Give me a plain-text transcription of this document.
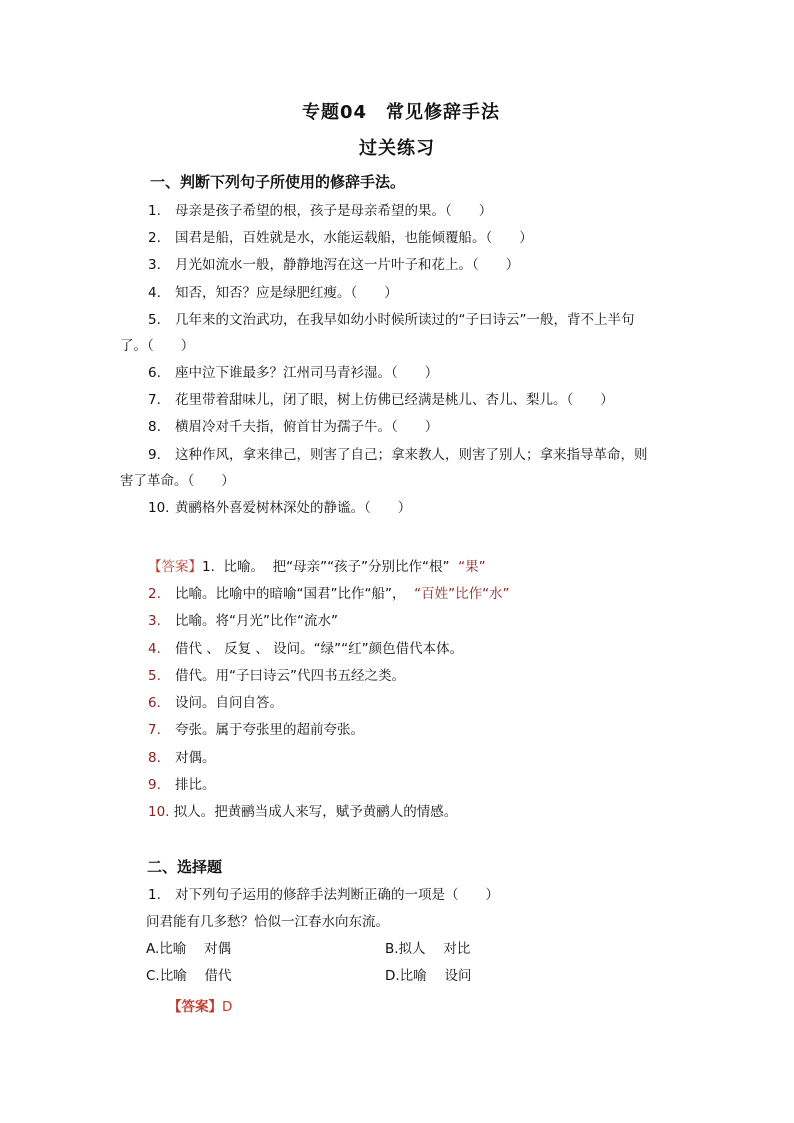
专题04　常见修辞手法
过关练习
一、判断下列句子所使用的修辞手法。
1. 母亲是孩子希望的根，孩子是母亲希望的果。（　　）
2. 国君是船，百姓就是水，水能运载船，也能倾覆船。（　　）
3. 月光如流水一般，静静地泻在这一片叶子和花上。（　　）
4. 知否，知否？应是绿肥红瘦。（　　）
5. 几年来的文治武功，在我早如幼小时候所读过的“子曰诗云”一般，背不上半句
了。（　　）
6. 座中泣下谁最多？江州司马青衫湿。（　　）
7. 花里带着甜味儿，闭了眼，树上仿佛已经满是桃儿、杏儿、梨儿。（　　）
8. 横眉冷对千夫指，俯首甘为孺子牛。（　　）
9. 这种作风，拿来律己，则害了自己；拿来教人，则害了别人；拿来指导革命，则
害了革命。（　　）
10. 黄鹂格外喜爱树林深处的静谧。（　　）
【答案】1. 比喻。 把“母亲”“孩子”分别比作“根” “果”
2. 比喻。比喻中的暗喻“国君”比作“船”， “百姓”比作“水”
3. 比喻。将“月光”比作“流水”
4. 借代 、 反复 、 设问。“绿”“红”颜色借代本体。
5. 借代。用“子曰诗云”代四书五经之类。
6. 设问。自问自答。
7. 夸张。属于夸张里的超前夸张。
8. 对偶。
9. 排比。
10. 拟人。把黄鹂当成人来写，赋予黄鹂人的情感。
二、选择题
1. 对下列句子运用的修辞手法判断正确的一项是（　　）
问君能有几多愁？恰似一江春水向东流。
A.比喻　 对偶	B.拟人　 对比
C.比喻　 借代	D.比喻　 设问
【答案】D
